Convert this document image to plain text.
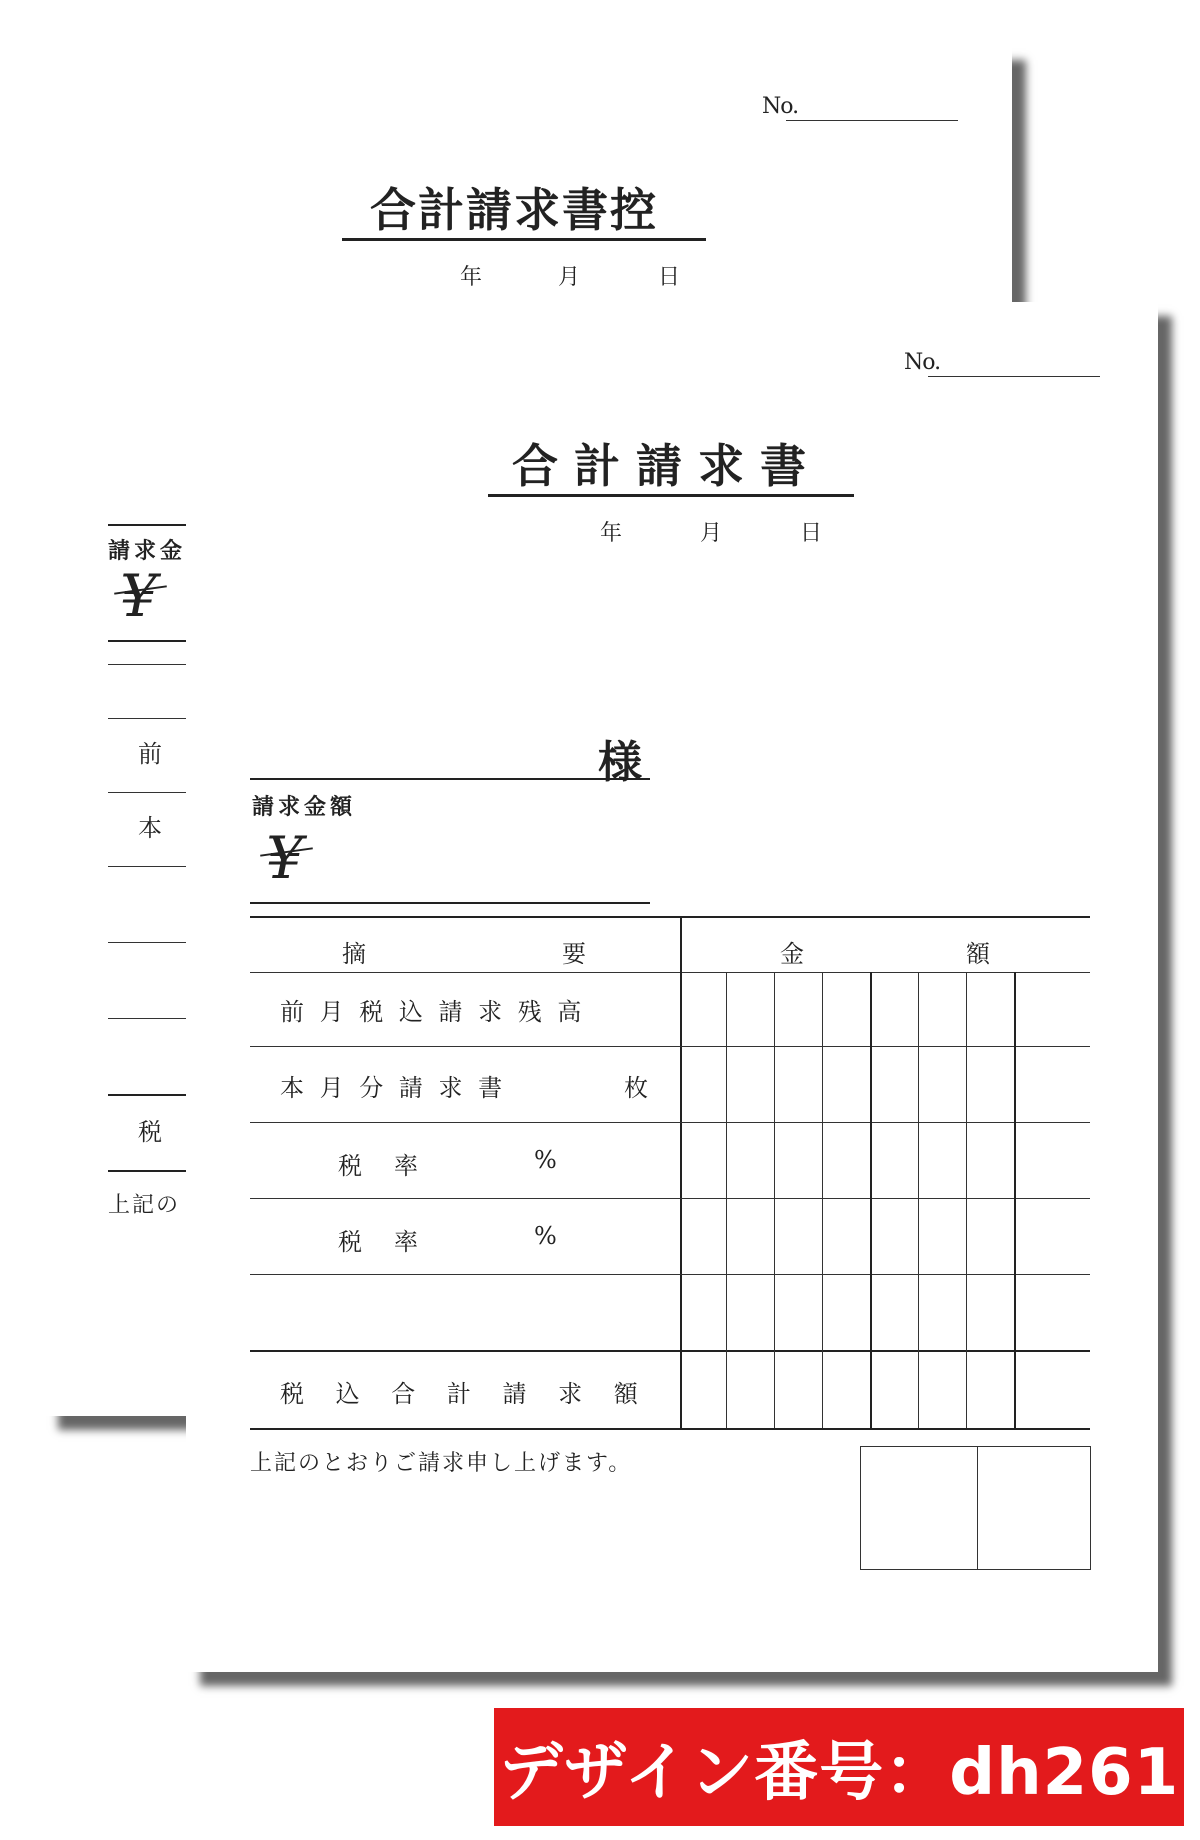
No.
合計請求書控
年	月	日
請求金
¥
前
本
税
上記の
No.
合計請求書
年	月	日
様
請求金額
¥
摘	要	金	額
前 月 税 込 請 求 残 高
本 月 分 請 求 書	枚
税　率	%
税　率	%
税 込 合 計 請 求 額
上記のとおりご請求申し上げます。
デザイン番号：dh261
